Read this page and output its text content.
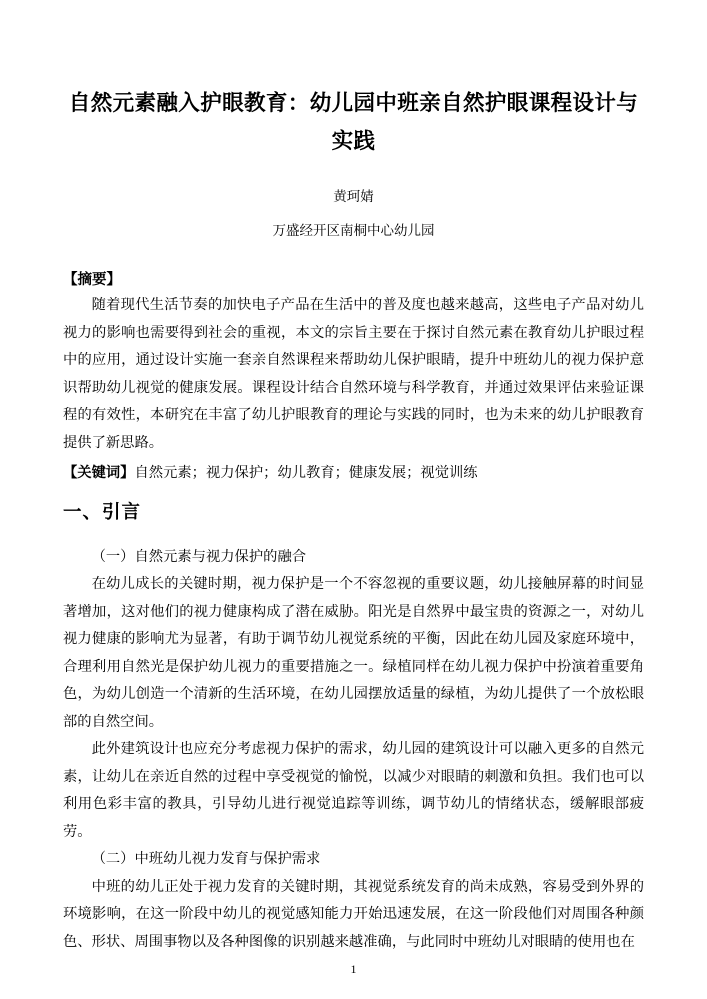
自然元素融入护眼教育：幼儿园中班亲自然护眼课程设计与实践
黄珂婧
万盛经开区南桐中心幼儿园
【摘要】

随着现代生活节奏的加快电子产品在生活中的普及度也越来越高，这些电子产品对幼儿视力的影响也需要得到社会的重视，本文的宗旨主要在于探讨自然元素在教育幼儿护眼过程中的应用，通过设计实施一套亲自然课程来帮助幼儿保护眼睛，提升中班幼儿的视力保护意识帮助幼儿视觉的健康发展。课程设计结合自然环境与科学教育，并通过效果评估来验证课程的有效性，本研究在丰富了幼儿护眼教育的理论与实践的同时，也为未来的幼儿护眼教育提供了新思路。

【关键词】自然元素；视力保护；幼儿教育；健康发展；视觉训练
一、引言
（一）自然元素与视力保护的融合

在幼儿成长的关键时期，视力保护是一个不容忽视的重要议题，幼儿接触屏幕的时间显著增加，这对他们的视力健康构成了潜在威胁。阳光是自然界中最宝贵的资源之一，对幼儿视力健康的影响尤为显著，有助于调节幼儿视觉系统的平衡，因此在幼儿园及家庭环境中，合理利用自然光是保护幼儿视力的重要措施之一。绿植同样在幼儿视力保护中扮演着重要角色，为幼儿创造一个清新的生活环境，在幼儿园摆放适量的绿植，为幼儿提供了一个放松眼部的自然空间。

此外建筑设计也应充分考虑视力保护的需求，幼儿园的建筑设计可以融入更多的自然元素，让幼儿在亲近自然的过程中享受视觉的愉悦，以减少对眼睛的刺激和负担。我们也可以利用色彩丰富的教具，引导幼儿进行视觉追踪等训练，调节幼儿的情绪状态，缓解眼部疲劳。

（二）中班幼儿视力发育与保护需求

中班的幼儿正处于视力发育的关键时期，其视觉系统发育的尚未成熟，容易受到外界的环境影响，在这一阶段中幼儿的视觉感知能力开始迅速发展，在这一阶段他们对周围各种颜色、形状、周围事物以及各种图像的识别越来越准确，与此同时中班幼儿对眼睛的使用也在

1
